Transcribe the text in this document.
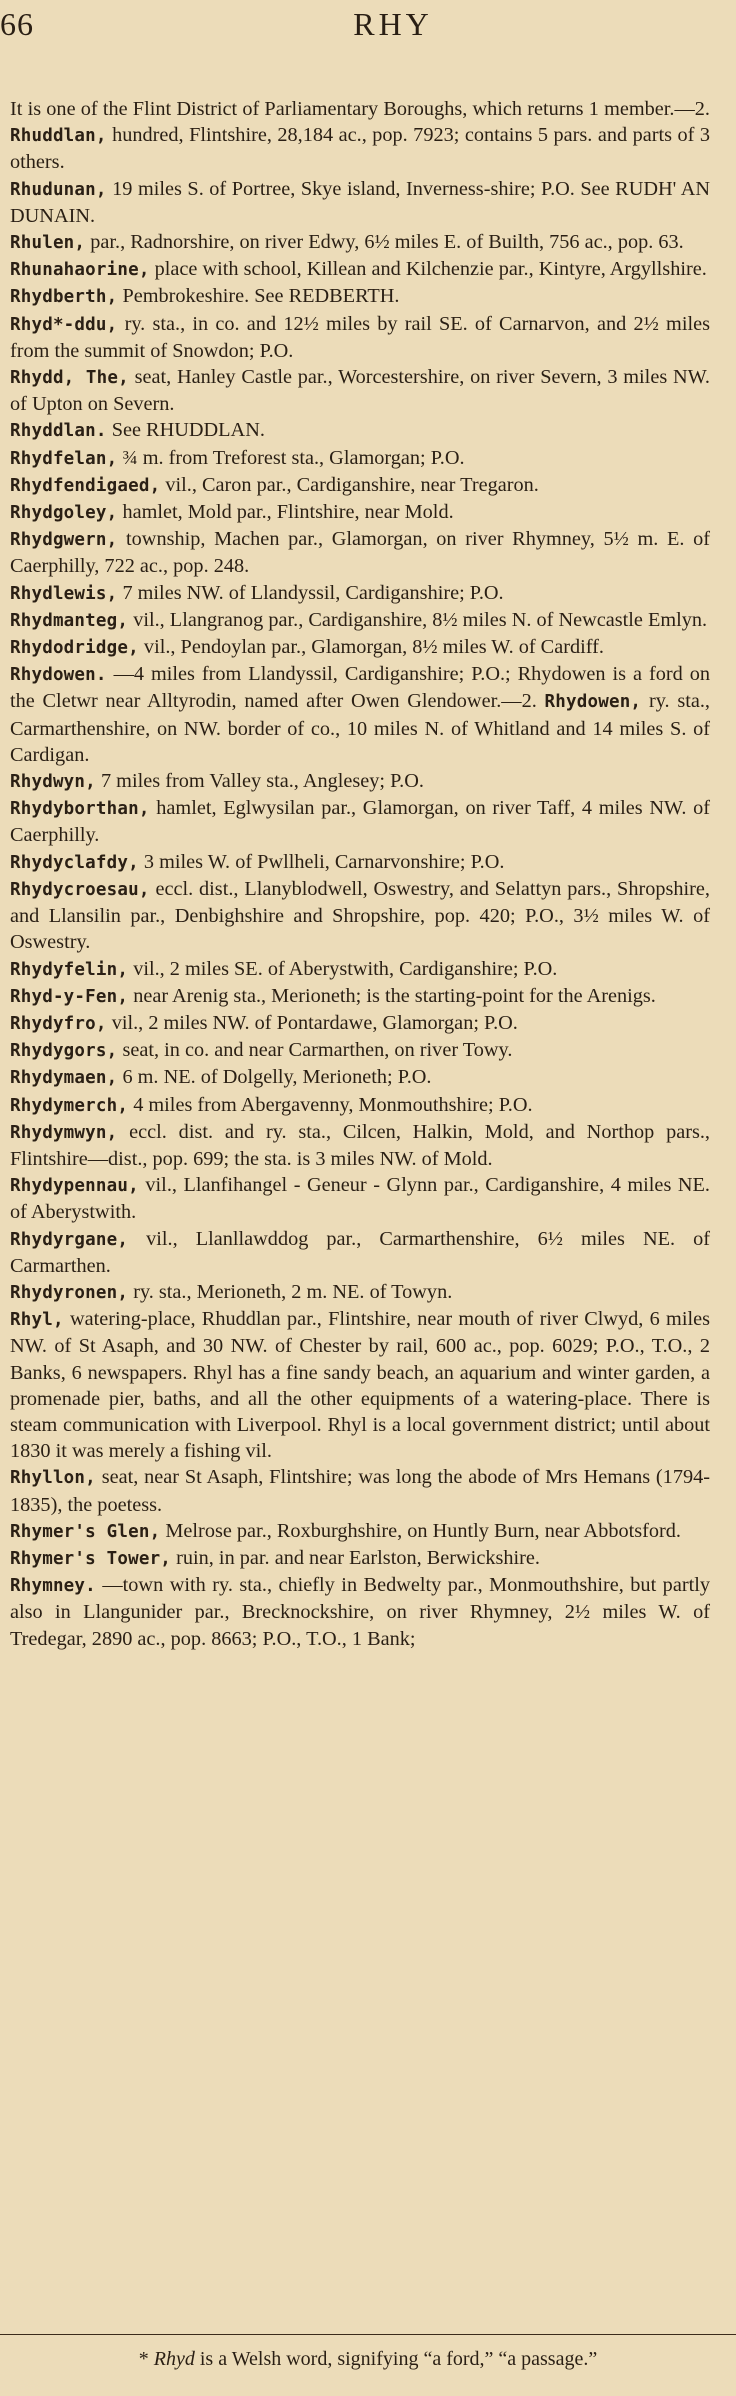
66	RHY

It is one of the Flint District of Parliamentary Boroughs, which returns 1 member.—2. Rhuddlan, hundred, Flintshire, 28,184 ac., pop. 7923; contains 5 pars. and parts of 3 others.

Rhudunan, 19 miles S. of Portree, Skye island, Inverness-shire; P.O. See RUDH' AN DUNAIN.

Rhulen, par., Radnorshire, on river Edwy, 6½ miles E. of Builth, 756 ac., pop. 63.

Rhunahaorine, place with school, Killean and Kilchenzie par., Kintyre, Argyllshire.

Rhydberth, Pembrokeshire. See REDBERTH.

Rhyd*-ddu, ry. sta., in co. and 12½ miles by rail SE. of Carnarvon, and 2½ miles from the summit of Snowdon; P.O.

Rhydd, The, seat, Hanley Castle par., Worcestershire, on river Severn, 3 miles NW. of Upton on Severn.

Rhyddlan. See RHUDDLAN.

Rhydfelan, ¾ m. from Treforest sta., Glamorgan; P.O.

Rhydfendigaed, vil., Caron par., Cardiganshire, near Tregaron.

Rhydgoley, hamlet, Mold par., Flintshire, near Mold.

Rhydgwern, township, Machen par., Glamorgan, on river Rhymney, 5½ m. E. of Caerphilly, 722 ac., pop. 248.

Rhydlewis, 7 miles NW. of Llandyssil, Cardiganshire; P.O.

Rhydmanteg, vil., Llangranog par., Cardiganshire, 8½ miles N. of Newcastle Emlyn.

Rhydodridge, vil., Pendoylan par., Glamorgan, 8½ miles W. of Cardiff.

Rhydowen. —4 miles from Llandyssil, Cardiganshire; P.O.; Rhydowen is a ford on the Cletwr near Alltyrodin, named after Owen Glendower.—2. Rhydowen, ry. sta., Carmarthenshire, on NW. border of co., 10 miles N. of Whitland and 14 miles S. of Cardigan.

Rhydwyn, 7 miles from Valley sta., Anglesey; P.O.

Rhydyborthan, hamlet, Eglwysilan par., Glamorgan, on river Taff, 4 miles NW. of Caerphilly.

Rhydyclafdy, 3 miles W. of Pwllheli, Carnarvonshire; P.O.

Rhydycroesau, eccl. dist., Llanyblodwell, Oswestry, and Selattyn pars., Shropshire, and Llansilin par., Denbighshire and Shropshire, pop. 420; P.O., 3½ miles W. of Oswestry.

Rhydyfelin, vil., 2 miles SE. of Aberystwith, Cardiganshire; P.O.

Rhyd-y-Fen, near Arenig sta., Merioneth; is the starting-point for the Arenigs.

Rhydyfro, vil., 2 miles NW. of Pontardawe, Glamorgan; P.O.

Rhydygors, seat, in co. and near Carmarthen, on river Towy.

Rhydymaen, 6 m. NE. of Dolgelly, Merioneth; P.O.

Rhydymerch, 4 miles from Abergavenny, Monmouthshire; P.O.

Rhydymwyn, eccl. dist. and ry. sta., Cilcen, Halkin, Mold, and Northop pars., Flintshire—dist., pop. 699; the sta. is 3 miles NW. of Mold.

Rhydypennau, vil., Llanfihangel - Geneur - Glynn par., Cardiganshire, 4 miles NE. of Aberystwith.

Rhydyrgane, vil., Llanllawddog par., Carmarthenshire, 6½ miles NE. of Carmarthen.

Rhydyronen, ry. sta., Merioneth, 2 m. NE. of Towyn.

Rhyl, watering-place, Rhuddlan par., Flintshire, near mouth of river Clwyd, 6 miles NW. of St Asaph, and 30 NW. of Chester by rail, 600 ac., pop. 6029; P.O., T.O., 2 Banks, 6 newspapers. Rhyl has a fine sandy beach, an aquarium and winter garden, a promenade pier, baths, and all the other equipments of a watering-place. There is steam communication with Liverpool. Rhyl is a local government district; until about 1830 it was merely a fishing vil.

Rhyllon, seat, near St Asaph, Flintshire; was long the abode of Mrs Hemans (1794-1835), the poetess.

Rhymer's Glen, Melrose par., Roxburghshire, on Huntly Burn, near Abbotsford.

Rhymer's Tower, ruin, in par. and near Earlston, Berwickshire.

Rhymney. —town with ry. sta., chiefly in Bedwelty par., Monmouthshire, but partly also in Llangunider par., Brecknockshire, on river Rhymney, 2½ miles W. of Tredegar, 2890 ac., pop. 8663; P.O., T.O., 1 Bank;

* Rhyd is a Welsh word, signifying “a ford,” “a passage.”
